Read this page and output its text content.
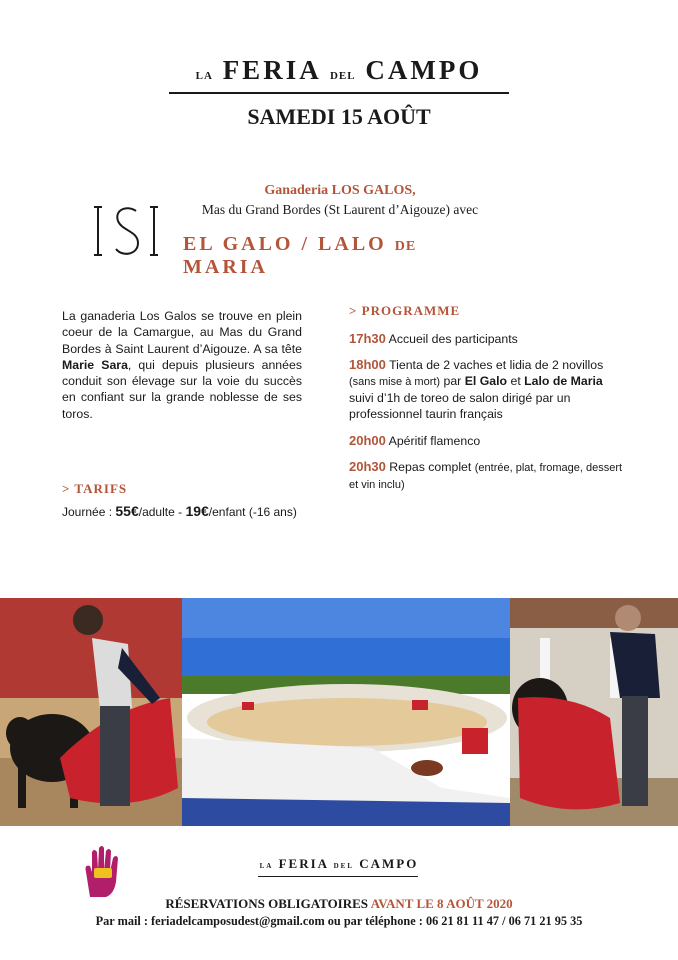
LA FERIA DEL CAMPO
SAMEDI 15 AOÛT
Ganaderia LOS GALOS,
Mas du Grand Bordes (St Laurent d’Aigouze) avec
EL GALO / LALO DE MARIA
La ganaderia Los Galos se trouve en plein coeur de la Camargue, au Mas du Grand Bordes à Saint Laurent d’Aigouze. A sa tête Marie Sara, qui depuis plusieurs années conduit son élevage sur la voie du succès en confiant sur la grande noblesse de ses toros.
> TARIFS
Journée : 55€/adulte - 19€/enfant (-16 ans)
> PROGRAMME
17h30 Accueil des participants
18h00 Tienta de 2 vaches et lidia de 2 novillos
(sans mise à mort) par El Galo et Lalo de Maria
suivi d’1h de toreo de salon dirigé par un professionnel taurin français
20h00 Apéritif flamenco
20h30 Repas complet (entrée, plat, fromage, dessert et vin inclu)
LA FERIA DEL CAMPO
RÉSERVATIONS OBLIGATOIRES AVANT LE 8 AOÛT 2020
Par mail : feriadelcamposudest@gmail.com ou par téléphone : 06 21 81 11 47 / 06 71 21 95 35
